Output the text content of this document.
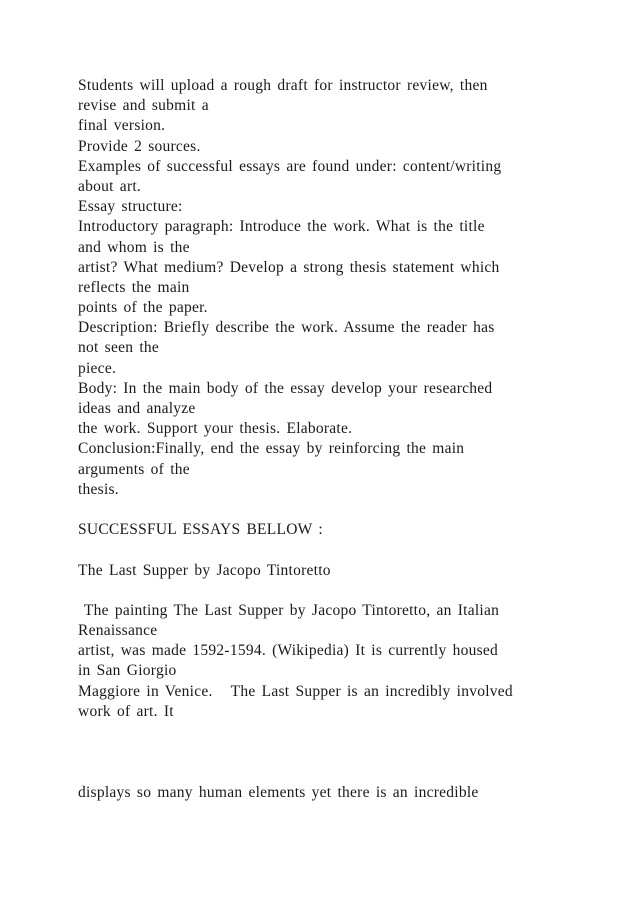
Students will upload a rough draft for instructor review, then
revise and submit a
final version.
Provide 2 sources.
Examples of successful essays are found under: content/writing
about art.
Essay structure:
Introductory paragraph: Introduce the work. What is the title
and whom is the
artist? What medium? Develop a strong thesis statement which
reflects the main
points of the paper.
Description: Briefly describe the work. Assume the reader has
not seen the
piece.
Body: In the main body of the essay develop your researched
ideas and analyze
the work. Support your thesis. Elaborate.
Conclusion:Finally, end the essay by reinforcing the main
arguments of the
thesis.
SUCCESSFUL ESSAYS BELLOW :
The Last Supper by Jacopo Tintoretto
The painting The Last Supper by Jacopo Tintoretto, an Italian
Renaissance
artist, was made 1592-1594. (Wikipedia) It is currently housed
in San Giorgio
Maggiore in Venice.   The Last Supper is an incredibly involved
work of art. It
displays so many human elements yet there is an incredible
